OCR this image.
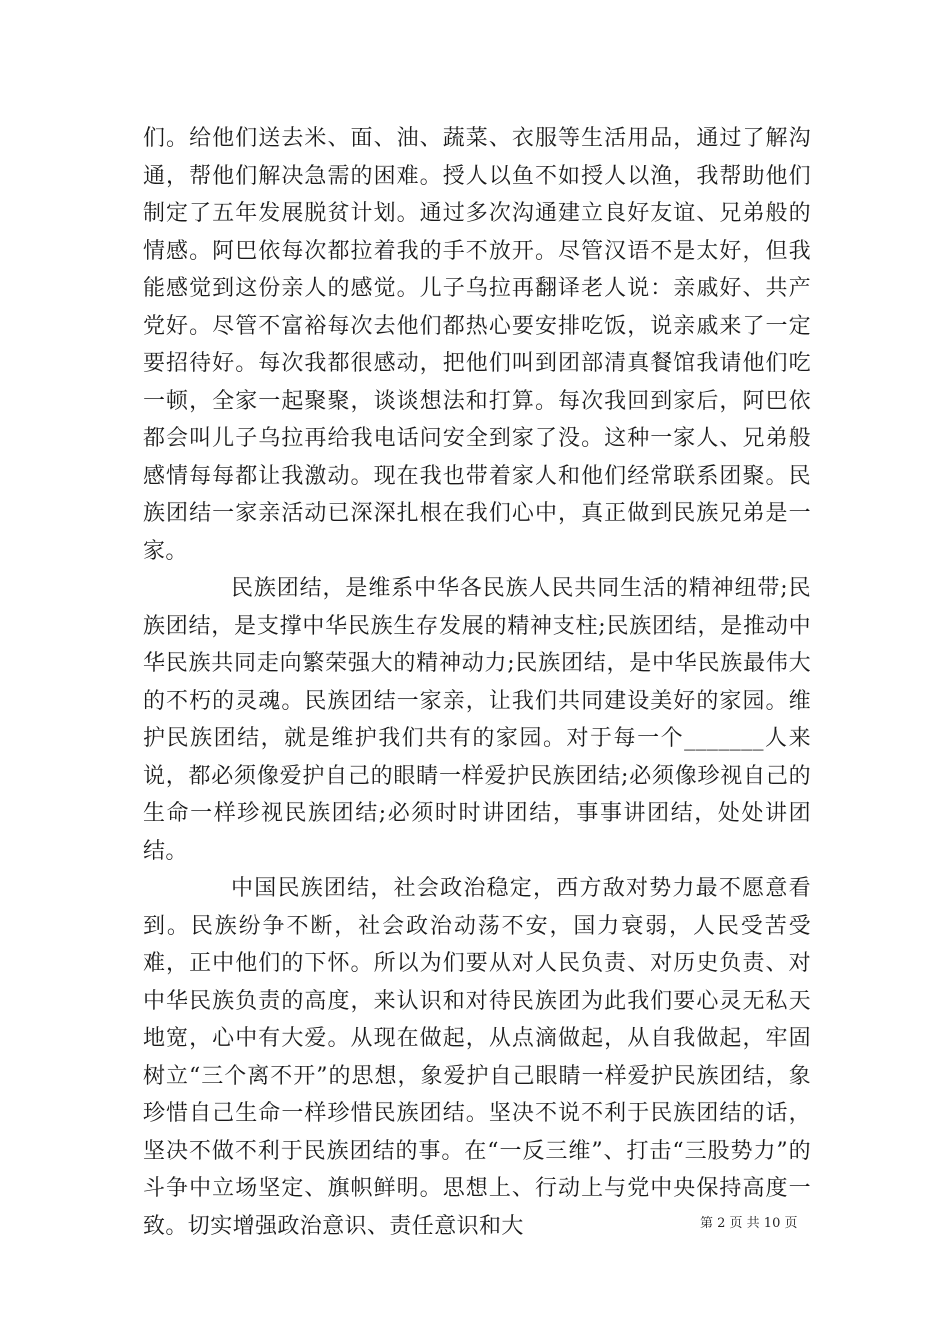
们。给他们送去米、面、油、蔬菜、衣服等生活用品，通过了解沟通，帮他们解决急需的困难。授人以鱼不如授人以渔，我帮助他们制定了五年发展脱贫计划。通过多次沟通建立良好友谊、兄弟般的情感。阿巴依每次都拉着我的手不放开。尽管汉语不是太好，但我能感觉到这份亲人的感觉。儿子乌拉再翻译老人说：亲戚好、共产党好。尽管不富裕每次去他们都热心要安排吃饭，说亲戚来了一定要招待好。每次我都很感动，把他们叫到团部清真餐馆我请他们吃一顿，全家一起聚聚，谈谈想法和打算。每次我回到家后，阿巴依都会叫儿子乌拉再给我电话问安全到家了没。这种一家人、兄弟般感情每每都让我激动。现在我也带着家人和他们经常联系团聚。民族团结一家亲活动已深深扎根在我们心中，真正做到民族兄弟是一家。

民族团结，是维系中华各民族人民共同生活的精神纽带;民族团结，是支撑中华民族生存发展的精神支柱;民族团结，是推动中华民族共同走向繁荣强大的精神动力;民族团结，是中华民族最伟大的不朽的灵魂。民族团结一家亲，让我们共同建设美好的家园。维护民族团结，就是维护我们共有的家园。对于每一个_______人来说，都必须像爱护自己的眼睛一样爱护民族团结;必须像珍视自己的生命一样珍视民族团结;必须时时讲团结，事事讲团结，处处讲团结。

中国民族团结，社会政治稳定，西方敌对势力最不愿意看到。民族纷争不断，社会政治动荡不安，国力衰弱，人民受苦受难，正中他们的下怀。所以为们要从对人民负责、对历史负责、对中华民族负责的高度，来认识和对待民族团为此我们要心灵无私天地宽，心中有大爱。从现在做起，从点滴做起，从自我做起，牢固树立“三个离不开”的思想，象爱护自己眼睛一样爱护民族团结，象珍惜自己生命一样珍惜民族团结。坚决不说不利于民族团结的话，坚决不做不利于民族团结的事。在“一反三维”、打击“三股势力”的斗争中立场坚定、旗帜鲜明。思想上、行动上与党中央保持高度一致。切实增强政治意识、责任意识和大	第 2 页 共 10 页
